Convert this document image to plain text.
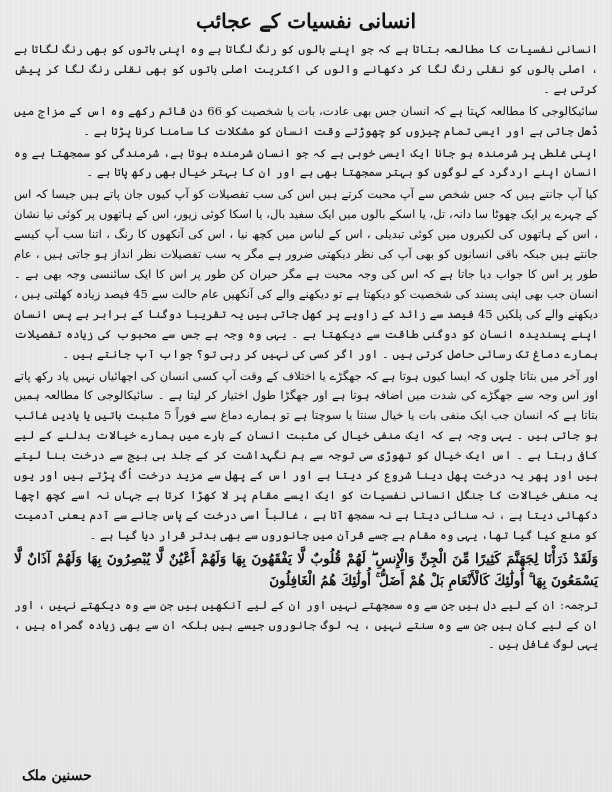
انسانی نفسیات کے عجائب

انسانی نفسیات کا مطالعہ بتاتا ہے کہ جو اپنے بالوں کو رنگ لگاتا ہے وہ اپنی باتوں کو بھی رنگ لگاتا ہے ، اصلی بالوں کو نقلی رنگ لگا کر دکھانے والوں کی اکثریت اصلی باتوں کو بھی نقلی رنگ لگا کر پیش کرتی ہے ۔

سائیکالوجی کا مطالعہ کہتا ہے کہ انسان جس بھی عادت، بات یا شخصیت کو 66 دن قائم رکھے وہ اس کے مزاج میں ڈھل جاتی ہے اور ایسی تمام چیزوں کو چھوڑتے وقت انسان کو مشکلات کا سامنا کرنا پڑتا ہے ۔

اپنی غلطی پر شرمندہ ہو جانا ایک ایسی خوبی ہے کہ جو انسان شرمندہ ہوتا ہے، شرمندگی کو سمجھتا ہے وہ انسان اپنے اردگرد کے لوگوں کو بہتر سمجھتا بھی ہے اور ان کا بہتر خیال بھی رکھ پاتا ہے ۔

کیا آپ جانتے ہیں کہ جس شخص سے آپ محبت کرتے ہیں اس کی سب تفصیلات کو آپ کیوں جان پاتے ہیں جیسا کہ اس کے چہرے پر ایک چھوٹا سا دانہ، تل، یا اسکے بالوں میں ایک سفید بال، یا اسکا کوئی زیور، اس کے ہاتھوں پر کوئی نیا نشان ، اس کے ہاتھوں کی لکیروں میں کوئی تبدیلی ، اس کے لباس میں کچھ نیا ، اس کی آنکھوں کا رنگ ، اتنا سب آپ کیسے جانتے ہیں جبکہ باقی انسانوں کو بھی آپ کی نظر دیکھتی ضرور ہے مگر یہ سب تفصیلات نظر انداز ہو جاتی ہیں ، عام طور پر اس کا جواب دیا جاتا ہے کہ اس کی وجہ محبت ہے مگر حیران کن طور پر اس کا ایک سائنسی وجہ بھی ہے ۔ انسان جب بھی اپنی پسند کی شخصیت کو دیکھتا ہے تو دیکھنے والے کی آنکھیں عام حالت سے 45 فیصد زیادہ کھلتی ہیں ، دیکھنے والے کی پلکیں 45 فیصد سے زائد کے زاویے پر کھل جاتی ہیں یہ تقریبا دوگنا کے برابر ہے پس انسان اپنے پسندیدہ انسان کو دوگنی طاقت سے دیکھتا ہے ۔ یہی وہ وجہ ہے جس سے محبوب کی زیادہ تفصیلات ہمارے دماغ تک رسائی حاصل کرتی ہیں ۔ اور اگر کسی کی نہیں کر رہی تو؟ جواب آپ جانتے ہیں ۔

اور آخر میں بتاتا چلوں کہ ایسا کیوں ہوتا ہے کہ جھگڑے یا اختلاف کے وقت آپ کسی انسان کی اچھائیاں نہیں یاد رکھ پاتے اور اس وجہ سے جھگڑے کی شدت میں اضافہ ہوتا ہے اور جھگڑا طول اختیار کر لیتا ہے ۔ سائیکالوجی کا مطالعہ ہمیں بتاتا ہے کہ انسان جب ایک منفی بات یا خیال سنتا یا سوچتا ہے تو ہمارے دماغ سے فوراً 5 مثبت باتیں یا یادیں غائب ہو جاتی ہیں ۔ یہی وجہ ہے کہ ایک منفی خیال کی مثبت انسان کے بارے میں ہمارے خیالات بدلنے کے لیے کافی رہتا ہے ۔ اس ایک خیال کو تھوڑی سی توجہ سے ہم نگہداشت کر کے جلد ہی بیج سے درخت بنا لیتے ہیں اور پھر یہ درخت پھل دینا شروع کر دیتا ہے اور اس کے پھل سے مزید درخت اُگ پڑتے ہیں اور یوں یہ منفی خیالات کا جنگل انسانی نفسیات کو ایک ایسے مقام پر لا کھڑا کرتا ہے جہاں نہ اسے کچھ اچھا دکھائی دیتا ہے ، نہ سنائی دیتا ہے نہ سمجھ آتا ہے ، غالباً اسی درخت کے پاس جانے سے آدم یعنی آدمیت کو منع کیا گیا تھا، یہی وہ مقام ہے جسے قرآن میں جانوروں سے بھی بدتر قرار دیا گیا ہے ۔

وَلَقَدْ ذَرَأْنَا لِجَهَنَّمَ كَثِيرًا مِّنَ الْجِنِّ وَالْإِنسِ ۖ لَهُمْ قُلُوبٌ لَّا يَفْقَهُونَ بِهَا وَلَهُمْ أَعْيُنٌ لَّا يُبْصِرُونَ بِهَا وَلَهُمْ آذَانٌ لَّا يَسْمَعُونَ بِهَا ۚ أُولَٰئِكَ كَالْأَنْعَامِ بَلْ هُمْ أَضَلُّ ۚ أُولَٰئِكَ هُمُ الْغَافِلُونَ

ترجمہ: ان کے لیے دل ہیں جن سے وہ سمجھتے نہیں اور ان کے لیے آنکھیں ہیں جن سے وہ دیکھتے نہیں ، اور ان کے لیے کان ہیں جن سے وہ سنتے نہیں ، یہ لوگ جانوروں جیسے ہیں بلکہ ان سے بھی زیادہ گمراہ ہیں ، یہی لوگ غافل ہیں ۔

حسنین ملک
